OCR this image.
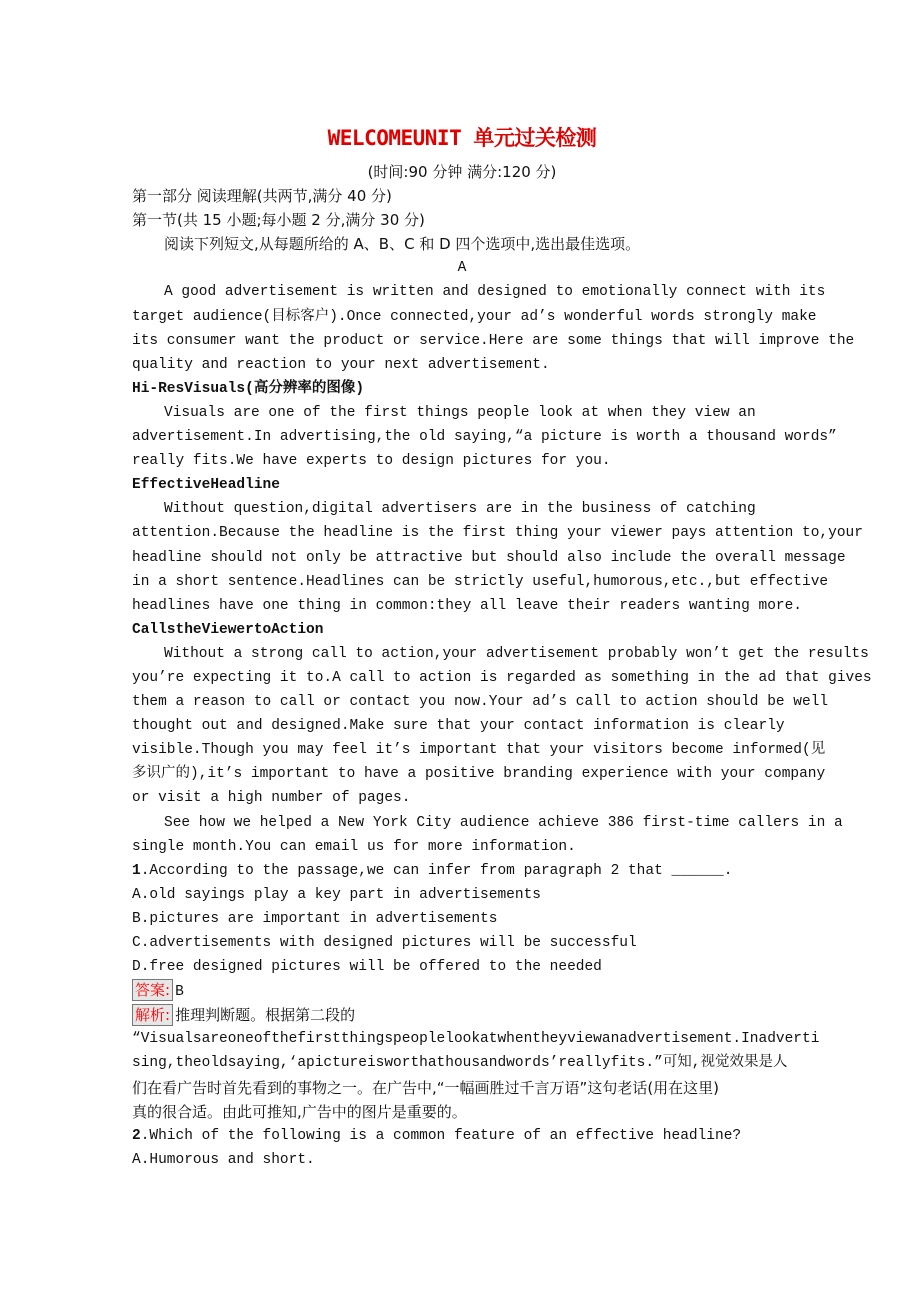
WELCOMEUNIT 单元过关检测
(时间:90 分钟 满分:120 分)
第一部分 阅读理解(共两节,满分 40 分)
第一节(共 15 小题;每小题 2 分,满分 30 分)
阅读下列短文,从每题所给的 A、B、C 和 D 四个选项中,选出最佳选项。
A
A good advertisement is written and designed to emotionally connect with its
target audience(目标客户).Once connected,your ad’s wonderful words strongly make
its consumer want the product or service.Here are some things that will improve the
quality and reaction to your next advertisement.
Hi-ResVisuals(高分辨率的图像)
Visuals are one of the first things people look at when they view an
advertisement.In advertising,the old saying,“a picture is worth a thousand words”
really fits.We have experts to design pictures for you.
EffectiveHeadline
Without question,digital advertisers are in the business of catching
attention.Because the headline is the first thing your viewer pays attention to,your
headline should not only be attractive but should also include the overall message
in a short sentence.Headlines can be strictly useful,humorous,etc.,but effective
headlines have one thing in common:they all leave their readers wanting more.
CallstheViewertoAction
Without a strong call to action,your advertisement probably won’t get the results
you’re expecting it to.A call to action is regarded as something in the ad that gives
them a reason to call or contact you now.Your ad’s call to action should be well
thought out and designed.Make sure that your contact information is clearly
visible.Though you may feel it’s important that your visitors become informed(见
多识广的),it’s important to have a positive branding experience with your company
or visit a high number of pages.
See how we helped a New York City audience achieve 386 first-time callers in a
single month.You can email us for more information.
1.According to the passage,we can infer from paragraph 2 that ______.
A.old sayings play a key part in advertisements
B.pictures are important in advertisements
C.advertisements with designed pictures will be successful
D.free designed pictures will be offered to the needed
答案: B
解析: 推理判断题。根据第二段的
“Visualsareoneofthefirstthingspeoplelookatwhentheyviewanadvertisement.Inadverti
sing,theoldsaying,‘apictureisworthathousandwords’reallyfits.”可知,视觉效果是人
们在看广告时首先看到的事物之一。在广告中,“一幅画胜过千言万语”这句老话(用在这里)
真的很合适。由此可推知,广告中的图片是重要的。
2.Which of the following is a common feature of an effective headline?
A.Humorous and short.
